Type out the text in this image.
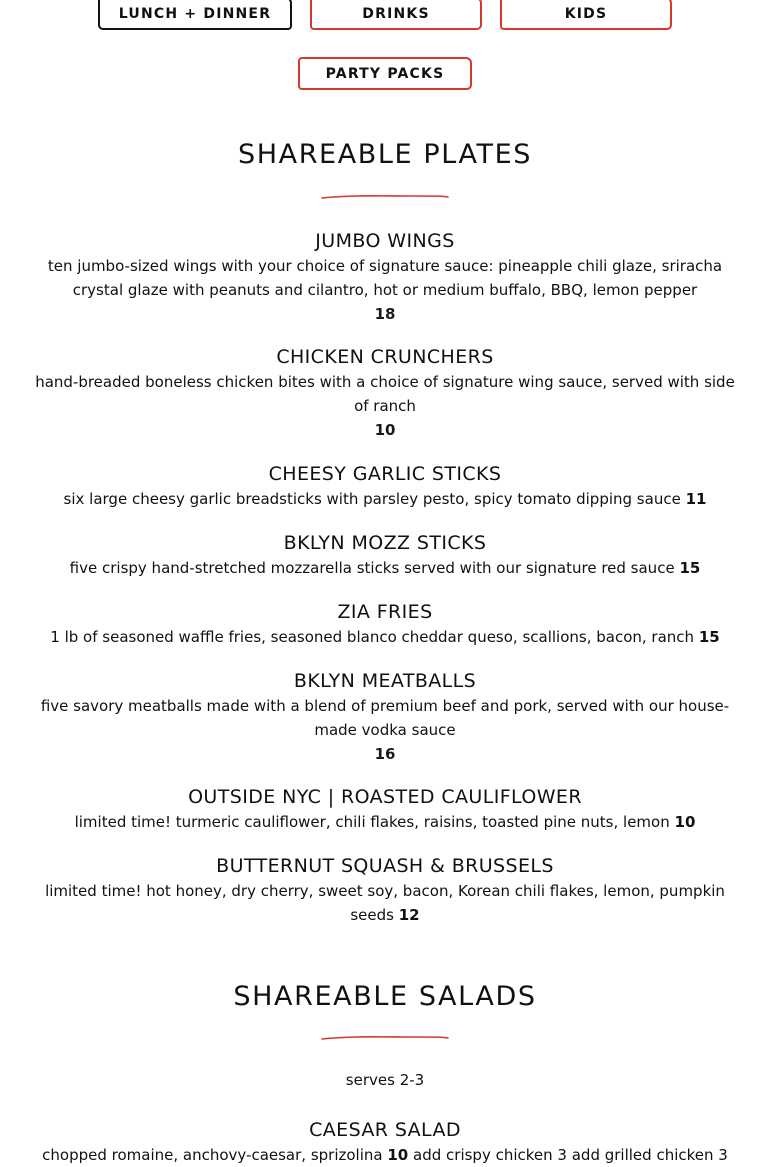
LUNCH + DINNER	DRINKS	KIDS
PARTY PACKS
SHAREABLE PLATES

JUMBO WINGS

ten jumbo-sized wings with your choice of signature sauce: pineapple chili glaze, sriracha crystal glaze with peanuts and cilantro, hot or medium buffalo, BBQ, lemon pepper

18

CHICKEN CRUNCHERS

hand-breaded boneless chicken bites with a choice of signature wing sauce, served with side of ranch

10

CHEESY GARLIC STICKS

six large cheesy garlic breadsticks with parsley pesto, spicy tomato dipping sauce 11

BKLYN MOZZ STICKS

five crispy hand-stretched mozzarella sticks served with our signature red sauce 15

ZIA FRIES

1 lb of seasoned waffle fries, seasoned blanco cheddar queso, scallions, bacon, ranch 15

BKLYN MEATBALLS

five savory meatballs made with a blend of premium beef and pork, served with our house-made vodka sauce

16

OUTSIDE NYC | ROASTED CAULIFLOWER

limited time! turmeric cauliflower, chili flakes, raisins, toasted pine nuts, lemon 10

BUTTERNUT SQUASH & BRUSSELS

limited time! hot honey, dry cherry, sweet soy, bacon, Korean chili flakes, lemon, pumpkin seeds 12

SHAREABLE SALADS
serves 2-3

CAESAR SALAD

chopped romaine, anchovy-caesar, sprizolina 10 add crispy chicken 3 add grilled chicken 3
